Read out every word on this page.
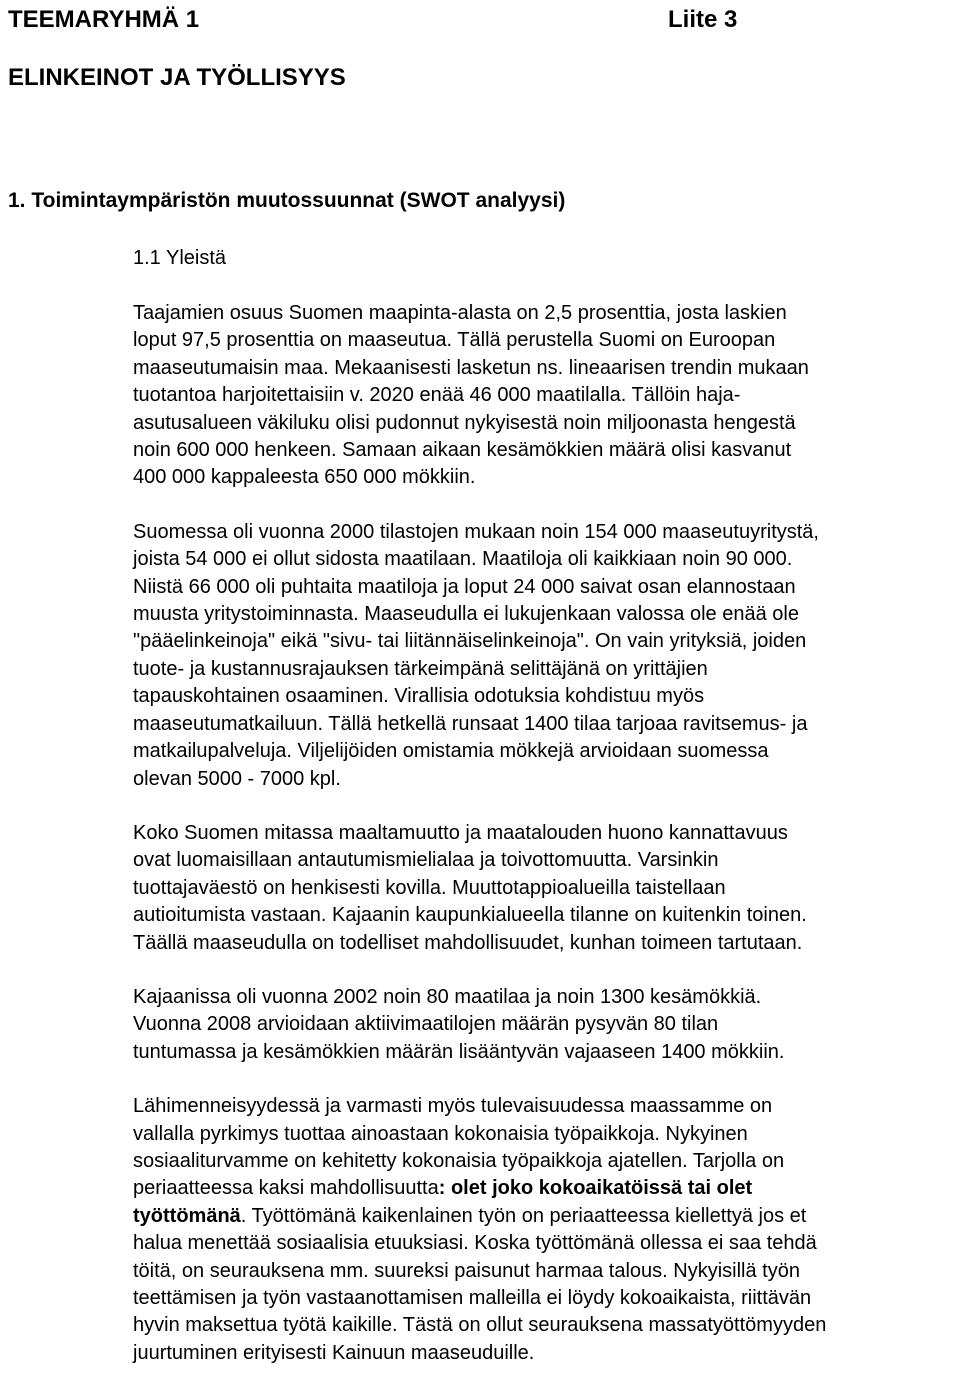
TEEMARYHMÄ 1	Liite 3
ELINKEINOT JA TYÖLLISYYS
1. Toimintaympäristön muutossuunnat (SWOT analyysi)
1.1 Yleistä

Taajamien osuus Suomen maapinta-alasta on 2,5 prosenttia, josta laskien
loput 97,5 prosenttia on maaseutua. Tällä perustella Suomi on Euroopan
maaseutumaisin maa. Mekaanisesti lasketun ns. lineaarisen trendin mukaan
tuotantoa harjoitettaisiin v. 2020 enää 46 000 maatilalla. Tällöin haja-
asutusalueen väkiluku olisi pudonnut nykyisestä noin miljoonasta hengestä
noin 600 000 henkeen. Samaan aikaan kesämökkien määrä olisi kasvanut
400 000 kappaleesta 650 000 mökkiin.

Suomessa oli vuonna 2000 tilastojen mukaan noin 154 000 maaseutuyritystä,
joista 54 000 ei ollut sidosta maatilaan. Maatiloja oli kaikkiaan noin 90 000.
Niistä 66 000 oli puhtaita maatiloja ja loput 24 000 saivat osan elannostaan
muusta yritystoiminnasta. Maaseudulla ei lukujenkaan valossa ole enää ole
"pääelinkeinoja" eikä "sivu- tai liitännäiselinkeinoja". On vain yrityksiä, joiden
tuote- ja kustannusrajauksen tärkeimpänä selittäjänä on yrittäjien
tapauskohtainen osaaminen. Virallisia odotuksia kohdistuu myös
maaseutumatkailuun. Tällä hetkellä runsaat 1400 tilaa tarjoaa ravitsemus- ja
matkailupalveluja. Viljelijöiden omistamia mökkejä arvioidaan suomessa
olevan 5000 - 7000 kpl.

Koko Suomen mitassa maaltamuutto ja maatalouden huono kannattavuus
ovat luomaisillaan antautumismielialaa ja toivottomuutta. Varsinkin
tuottajaväestö on henkisesti kovilla. Muuttotappioalueilla taistellaan
autioitumista vastaan. Kajaanin kaupunkialueella tilanne on kuitenkin toinen.
Täällä maaseudulla on todelliset mahdollisuudet, kunhan toimeen tartutaan.

Kajaanissa oli vuonna 2002 noin 80 maatilaa ja noin 1300 kesämökkiä.
Vuonna 2008 arvioidaan aktiivimaatilojen määrän pysyvän 80 tilan
tuntumassa ja kesämökkien määrän lisääntyvän vajaaseen 1400 mökkiin.

Lähimenneisyydessä ja varmasti myös tulevaisuudessa maassamme on
vallalla pyrkimys tuottaa ainoastaan kokonaisia työpaikkoja. Nykyinen
sosiaaliturvamme on kehitetty kokonaisia työpaikkoja ajatellen. Tarjolla on
periaatteessa kaksi mahdollisuutta: olet joko kokoaikatöissä tai olet
työttömänä. Työttömänä kaikenlainen työn on periaatteessa kiellettyä jos et
halua menettää sosiaalisia etuuksiasi. Koska työttömänä ollessa ei saa tehdä
töitä, on seurauksena mm. suureksi paisunut harmaa talous. Nykyisillä työn
teettämisen ja työn vastaanottamisen malleilla ei löydy kokoaikaista, riittävän
hyvin maksettua työtä kaikille. Tästä on ollut seurauksena massatyöttömyyden
juurtuminen erityisesti Kainuun maaseuduille.
